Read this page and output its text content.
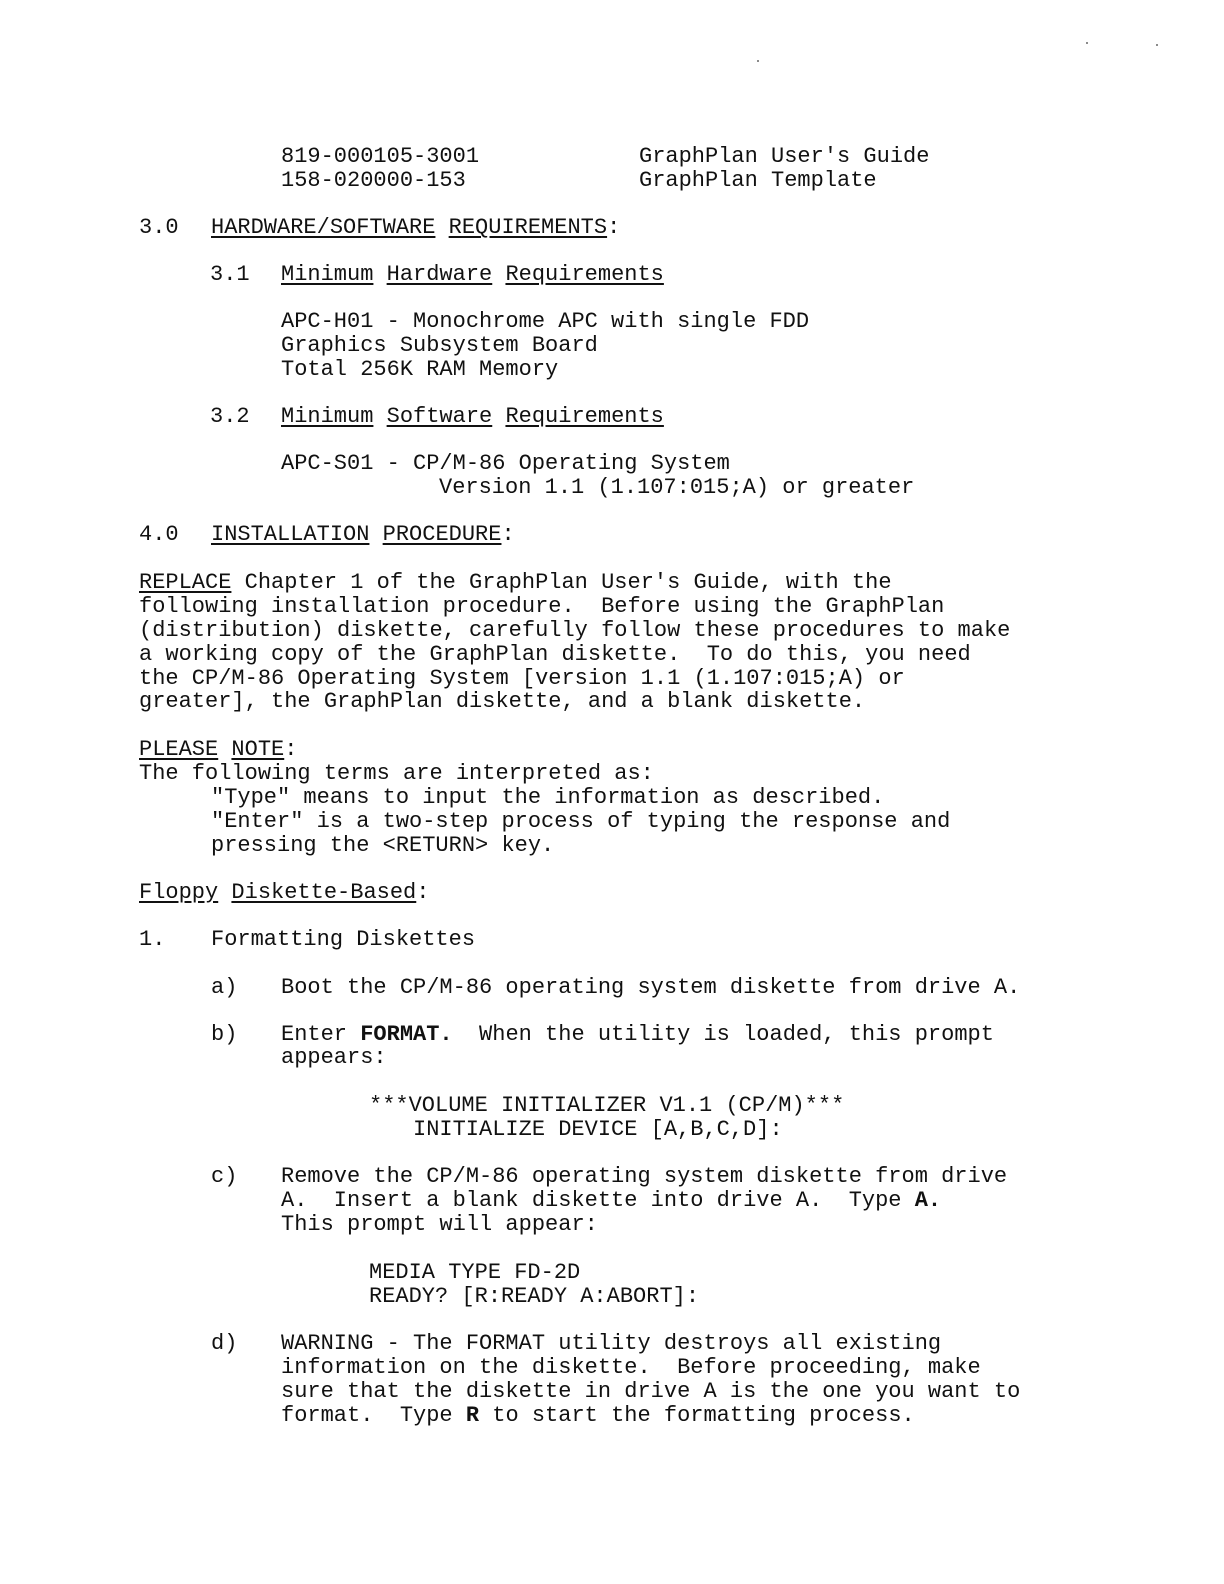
819-000105-3001	GraphPlan User's Guide
158-020000-153	GraphPlan Template
3.0 HARDWARE/SOFTWARE REQUIREMENTS:
3.1 Minimum Hardware Requirements
APC-H01 - Monochrome APC with single FDD
Graphics Subsystem Board
Total 256K RAM Memory
3.2 Minimum Software Requirements
APC-S01 - CP/M-86 Operating System
Version 1.1 (1.107:015;A) or greater
4.0 INSTALLATION PROCEDURE:
REPLACE Chapter 1 of the GraphPlan User's Guide, with the
following installation procedure.  Before using the GraphPlan
(distribution) diskette, carefully follow these procedures to make
a working copy of the GraphPlan diskette.  To do this, you need
the CP/M-86 Operating System [version 1.1 (1.107:015;A) or
greater], the GraphPlan diskette, and a blank diskette.
PLEASE NOTE:
The following terms are interpreted as:
"Type" means to input the information as described.
"Enter" is a two-step process of typing the response and
pressing the <RETURN> key.
Floppy Diskette-Based:
1. Formatting Diskettes
a) Boot the CP/M-86 operating system diskette from drive A.
b) Enter FORMAT.  When the utility is loaded, this prompt
appears:
***VOLUME INITIALIZER V1.1 (CP/M)***
INITIALIZE DEVICE [A,B,C,D]:
c) Remove the CP/M-86 operating system diskette from drive
A.  Insert a blank diskette into drive A.  Type A.
This prompt will appear:
MEDIA TYPE FD-2D
READY? [R:READY A:ABORT]:
d) WARNING - The FORMAT utility destroys all existing
information on the diskette.  Before proceeding, make
sure that the diskette in drive A is the one you want to
format.  Type R to start the formatting process.
